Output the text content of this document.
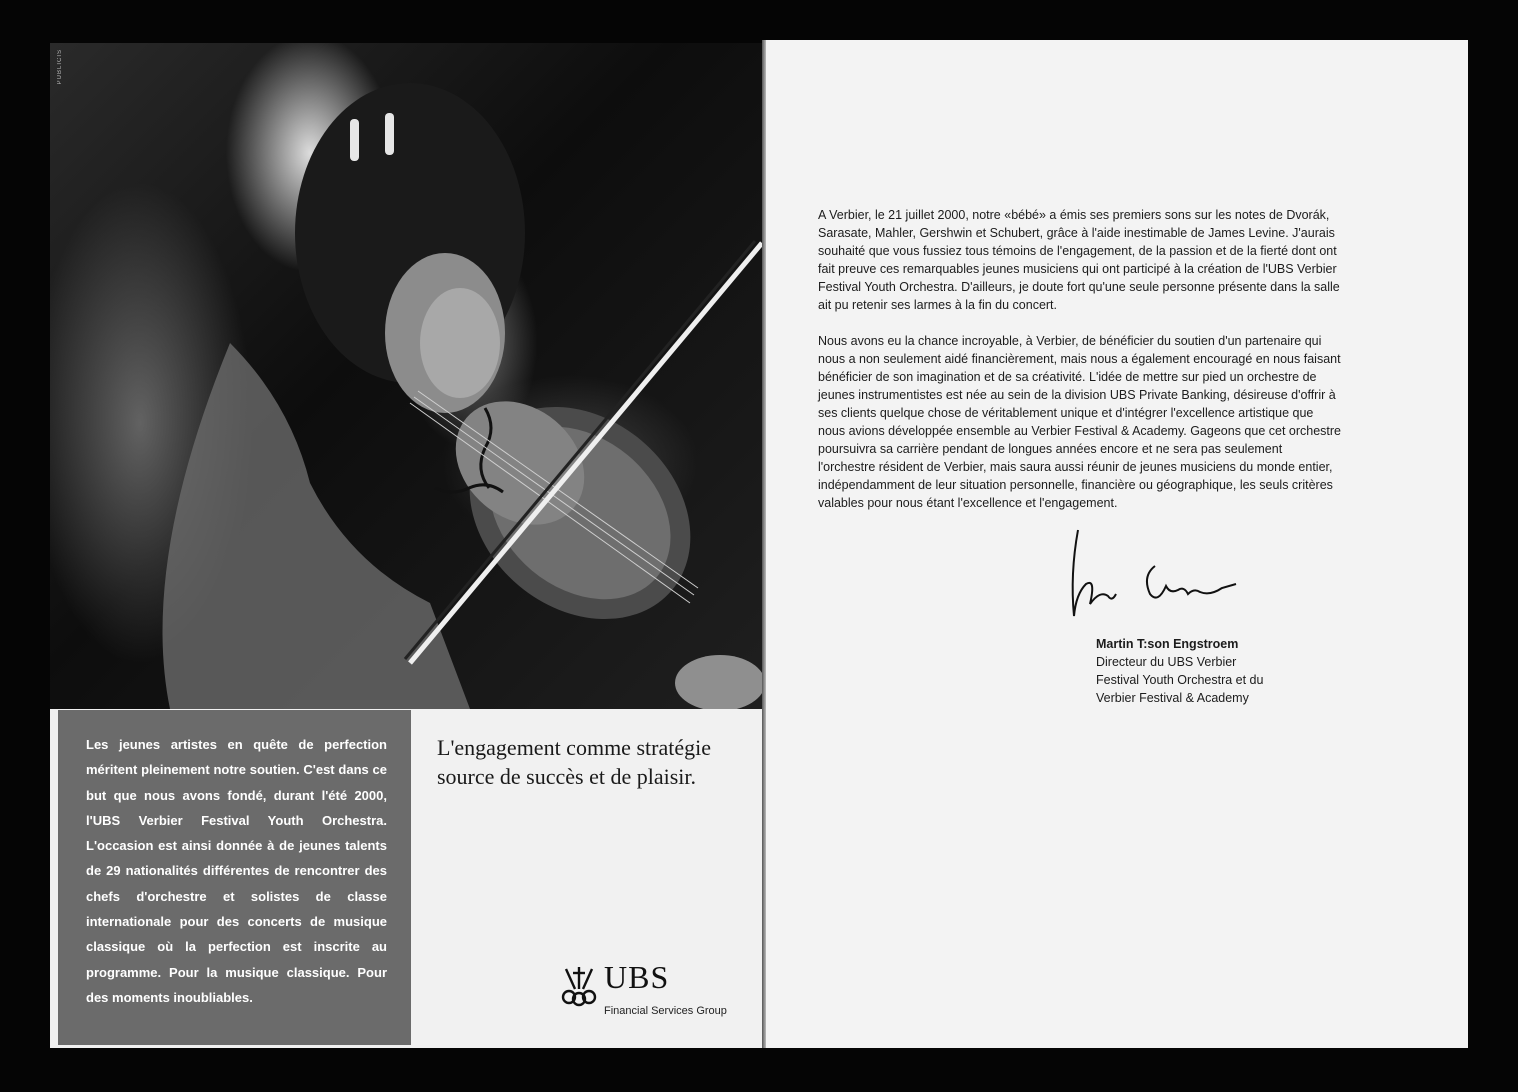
PUBLICIS

Les jeunes artistes en quête de perfection méritent pleinement notre soutien. C'est dans ce but que nous avons fondé, durant l'été 2000, l'UBS Verbier Festival Youth Orchestra. L'occasion est ainsi donnée à de jeunes talents de 29 nationalités différentes de rencontrer des chefs d'orchestre et solistes de classe internationale pour des concerts de musique classique où la perfection est inscrite au programme. Pour la musique classique. Pour des moments inoubliables.

L'engagement comme stratégie source de succès et de plaisir.
UBS
Financial Services Group

A Verbier, le 21 juillet 2000, notre «bébé» a émis ses premiers sons sur les notes de Dvorák, Sarasate, Mahler, Gershwin et Schubert, grâce à l'aide inestimable de James Levine. J'aurais souhaité que vous fussiez tous témoins de l'engagement, de la passion et de la fierté dont ont fait preuve ces remarquables jeunes musiciens qui ont participé à la création de l'UBS Verbier Festival Youth Orchestra. D'ailleurs, je doute fort qu'une seule personne présente dans la salle ait pu retenir ses larmes à la fin du concert.

Nous avons eu la chance incroyable, à Verbier, de bénéficier du soutien d'un partenaire qui nous a non seulement aidé financièrement, mais nous a également encouragé en nous faisant bénéficier de son imagination et de sa créativité. L'idée de mettre sur pied un orchestre de jeunes instrumentistes est née au sein de la division UBS Private Banking, désireuse d'offrir à ses clients quelque chose de véritablement unique et d'intégrer l'excellence artistique que nous avions développée ensemble au Verbier Festival & Academy. Gageons que cet orchestre poursuivra sa carrière pendant de longues années encore et ne sera pas seulement l'orchestre résident de Verbier, mais saura aussi réunir de jeunes musiciens du monde entier, indépendamment de leur situation personnelle, financière ou géographique, les seuls critères valables pour nous étant l'excellence et l'engagement.

Martin T:son Engstroem
Directeur du UBS Verbier
Festival Youth Orchestra et du
Verbier Festival & Academy
